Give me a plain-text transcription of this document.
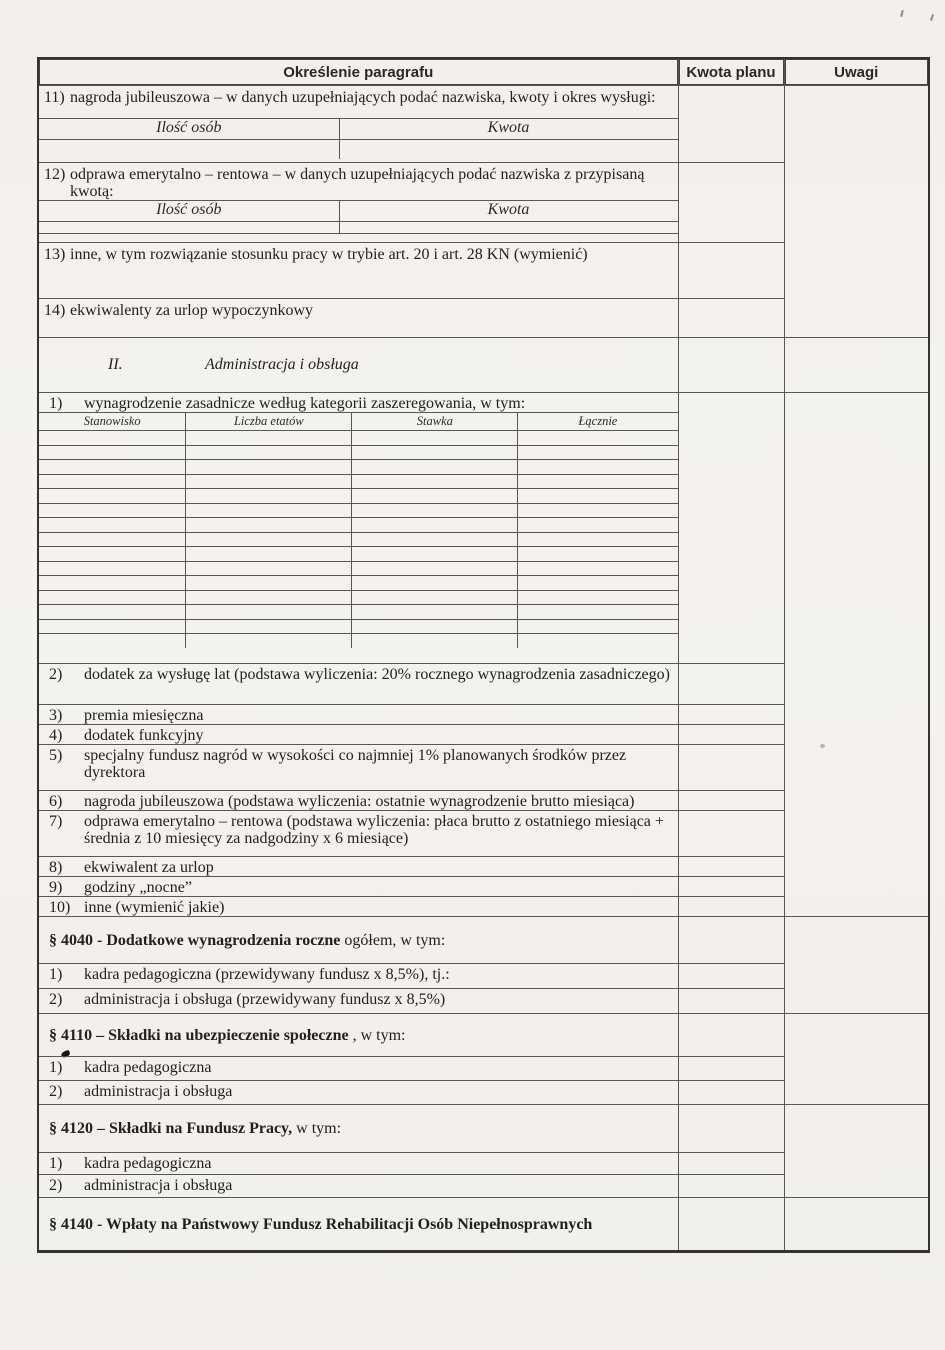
Określenie paragrafu	Kwota planu	Uwagi

11) nagroda jubileuszowa – w danych uzupełniających podać nazwiska, kwoty i okres wysługi:

Ilość osób	Kwota

12) odprawa emerytalno – rentowa – w danych uzupełniających podać nazwiska z przypisaną kwotą:

Ilość osób	Kwota

13) inne, w tym rozwiązanie stosunku pracy w trybie art. 20 i art. 28 KN (wymienić)

14) ekwiwalenty za urlop wypoczynkowy

II.	Administracja i obsługa

1) wynagrodzenie zasadnicze według kategorii zaszeregowania, w tym:

Stanowisko	Liczba etatów	Stawka	Łącznie

2) dodatek za wysługę lat (podstawa wyliczenia: 20% rocznego wynagrodzenia zasadniczego)

3) premia miesięczna

4) dodatek funkcyjny

5) specjalny fundusz nagród w wysokości co najmniej 1% planowanych środków przez dyrektora

6) nagroda jubileuszowa (podstawa wyliczenia: ostatnie wynagrodzenie brutto miesiąca)

7) odprawa emerytalno – rentowa (podstawa wyliczenia: płaca brutto z ostatniego miesiąca + średnia z 10 miesięcy za nadgodziny x 6 miesiące)

8) ekwiwalent za urlop

9) godziny „nocne”

10) inne (wymienić jakie)

§ 4040 - Dodatkowe wynagrodzenia roczne ogółem, w tym:

1) kadra pedagogiczna (przewidywany fundusz x 8,5%), tj.:

2) administracja i obsługa (przewidywany fundusz x 8,5%)

§ 4110 – Składki na ubezpieczenie społeczne , w tym:

1) kadra pedagogiczna

2) administracja i obsługa

§ 4120 – Składki na Fundusz Pracy, w tym:

1) kadra pedagogiczna

2) administracja i obsługa

§ 4140 - Wpłaty na Państwowy Fundusz Rehabilitacji Osób Niepełnosprawnych
